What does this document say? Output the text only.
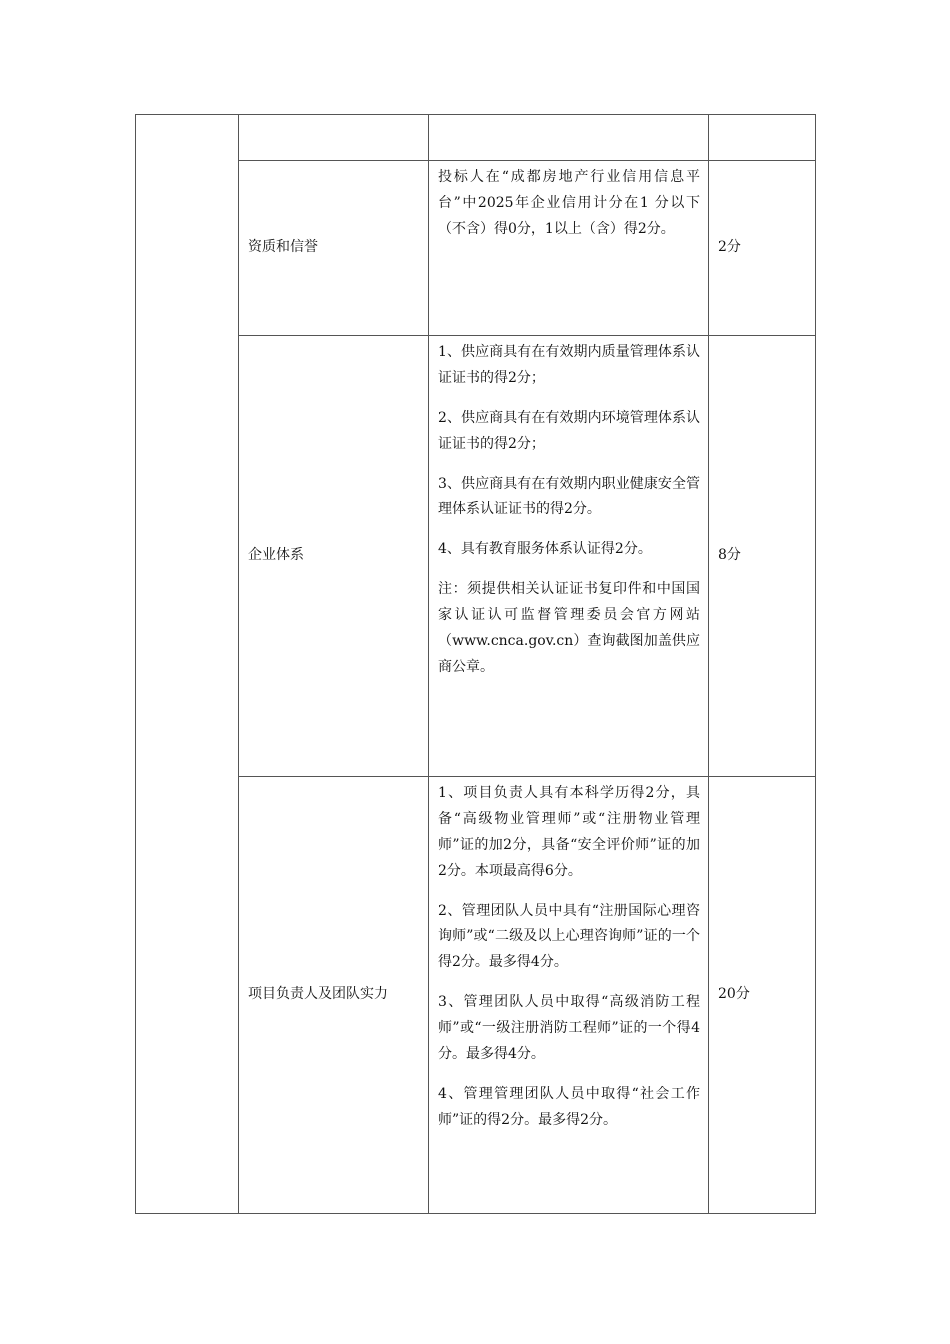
	资质和信誉	投标人在“成都房地产行业信用信息平台”中2025年企业信用计分在1 分以下（不含）得0分，1以上（含）得2分。	2分
	企业体系	1、供应商具有在有效期内质量管理体系认证证书的得2分；

2、供应商具有在有效期内环境管理体系认证证书的得2分；

3、供应商具有在有效期内职业健康安全管理体系认证证书的得2分。

4、具有教育服务体系认证得2分。

注：须提供相关认证证书复印件和中国国家认证认可监督管理委员会官方网站（www.cnca.gov.cn）查询截图加盖供应商公章。	8分
	项目负责人及团队实力	1、项目负责人具有本科学历得2分，具备“高级物业管理师”或“注册物业管理师”证的加2分，具备“安全评价师”证的加2分。本项最高得6分。

2、管理团队人员中具有“注册国际心理咨询师”或“二级及以上心理咨询师”证的一个得2分。最多得4分。

3、管理团队人员中取得“高级消防工程师”或“一级注册消防工程师”证的一个得4分。最多得4分。

4、管理管理团队人员中取得“社会工作师”证的得2分。最多得2分。	20分
